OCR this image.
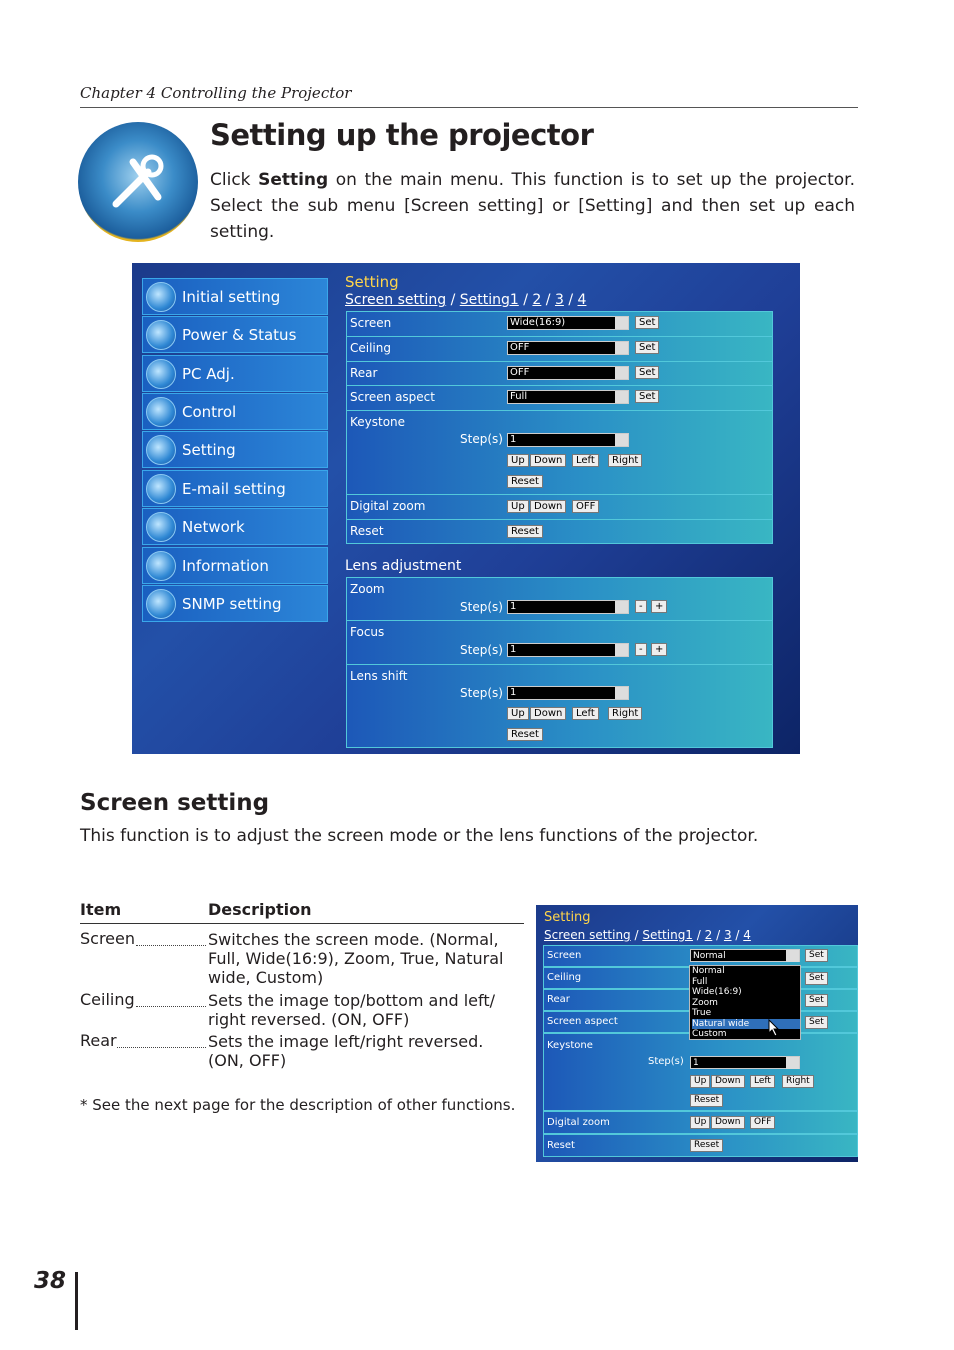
Chapter 4 Controlling the Projector
Setting up the projector
Click Setting on the main menu. This function is to set up the projector. Select the sub menu [Screen setting] or [Setting] and then set up each setting.
Initial setting
Power & Status
PC Adj.
Control
Setting
E-mail setting
Network
Information
SNMP setting
Setting
Screen setting / Setting1 / 2 / 3 / 4
Screen	Wide(16:9)	Set
Ceiling	OFF	Set
Rear	OFF	Set
Screen aspect	Full	Set
Keystone
Step(s) 1
Up Down	Left	Right
Reset
Digital zoom	Up Down	OFF
Reset	Reset
Lens adjustment
Zoom
Step(s) 1	-	+
Focus
Step(s) 1	-	+
Lens shift
Step(s) 1
Up Down	Left	Right
Reset
Screen setting
This function is to adjust the screen mode or the lens functions of the projector.
Item	Description
Screen	Switches the screen mode. (Normal, Full, Wide(16:9), Zoom, True, Natural wide, Custom)
Ceiling	Sets the image top/bottom and left/ right reversed. (ON, OFF)
Rear	Sets the image left/right reversed. (ON, OFF)
* See the next page for the description of other functions.
Setting
Screen setting / Setting1 / 2 / 3 / 4
Screen	Normal	Set
Ceiling	Set
Rear	Set
Screen aspect	Set
Keystone
Step(s)	1
Up Down	Left	Right
Reset
Digital zoom	Up Down	OFF
Reset	Reset
Normal
Full
Wide(16:9)
Zoom
True
Natural wide
Custom
38
